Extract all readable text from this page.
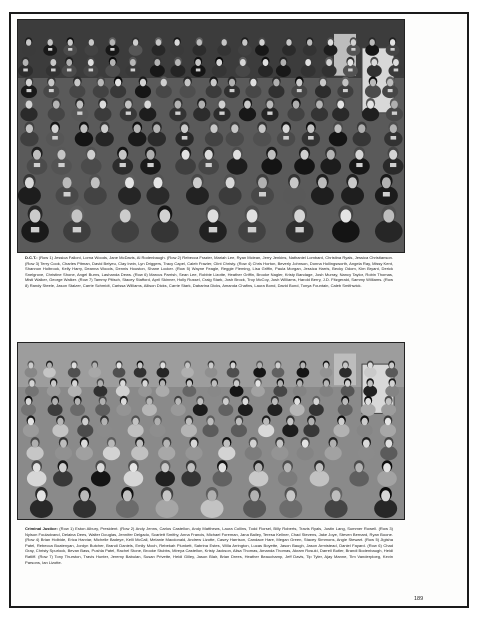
D.C.T.: (Row 1) Jessica Falloni, Lorna Woods, Jane McDavis, Al Rodenbaugh. (Row 2) Rebecca Frazier, Mariah Lee, Ryan Mclean, Jerry Jenkins, Nathaniel Lombard, Christina Ryals, Jessica Christianson. (Row 3) Terry Cook, Charles Pitman, David Belyeu, Clay Irwin, Lyn Driggers, Tracy Capel, Caleb Frazier, Clint Christy. (Row 4) Chris Horton, Beverly Johnson, Donna Hollingsworth, Angela Ray, Missy Kent, Shannon Holbrook, Kelly Harry, Deanna Woods, Dennis Houston, Shane Locker. (Row 5) Wayne Feagle, Reggie Fleming, Lisa Griffin, Paula Morgan, Jessica Harris, Becky Odom, Kim Bryant, Derick Snelgrove, Christine Shone, Angel Burns, Lashanda Dews. (Row 6) Marcus Parrish, Sean Lee, Robbie Lizotte, Heather Griffin, Brooke Nagler, Kristy Bandage, Josh Murray, Nancy Taylor, Robin Thomas, Misti Walker, George Walker. (Row 7) Tammy Pitisch, Stacey Stafford, April Skinner, Holly Russel, Craig Stark, Josh Brock, Troy McCoy, Josh Williams, Harold Berry, J.D. Fitzgerald, Sammy Williams. (Row 8) Randy Steele, Jason Stalzer, Carrie Schmidt, Carissa Williams, Allison Dicks, Carrie Stark, Dabarina Dicks, Amanda Chafins, Laura Bond, David Bond, Tonya Fountain, Caleb Smithwick.
Criminal Justice: (Row 1) Eston Albury, President. (Row 2) Andy Jenns, Carlos Castellon, Andy Matthews, Laura Collins, Todd Florsel, Billy Roberts, Travis Ryals, Justin Lang, Summer Rowell. (Row 3) Nylson Fouladvand, Delaina Dees, Walter Douglas, Jennifer Delgado, Scarlett Smithy, Anna Francis, Michael Foreman, Jana Bailey, Teresa Kellner, Chad Stevens, Jake Joye, Steven Bernard, Ryan Boone. (Row 4) Brian Holbide, Erica Harviar, Michelle Badeye, Kelli McCall, Melanie Macdonald, Andrew Lizotte, Casey Harrison, Candace Hare, Megan Green, Stacey Simmons, Angie Stewart. (Row 5) Jigisha Patel, Rebecca Boatenyan, Jordyn Butcher, Brandi Daniels, Emily Moch, Rebekah Plunkett, Sabrina Estes, Willa Arrington, Lucas Boyette, Jason Baugh, Jason Armistead, Daniel Fayard. (Row 6) Chad Gray, Christy Spurlock, Bevan Bass, Pushla Patel, Rachel Stone, Brooke Stubbs, Mireya Castellon, Kristy Jackson, Alisa Thomas, Amanda Thomas, Akram Rosuki, Darrell Butler, Brandi Bodenbaugh, Heidi Ratliff. (Row 7) Tony Thurston, Travis Hunter, Jeremy Babulan, Susan Privette, Heidi Gilley, Jason Blair, Brian Drees, Heather Beauchamp, Jeff Davis, Tip Tyler, Ajay Manne, Tim Vanderploeg, Kevin Parsons, Ian Lizotte.
189
